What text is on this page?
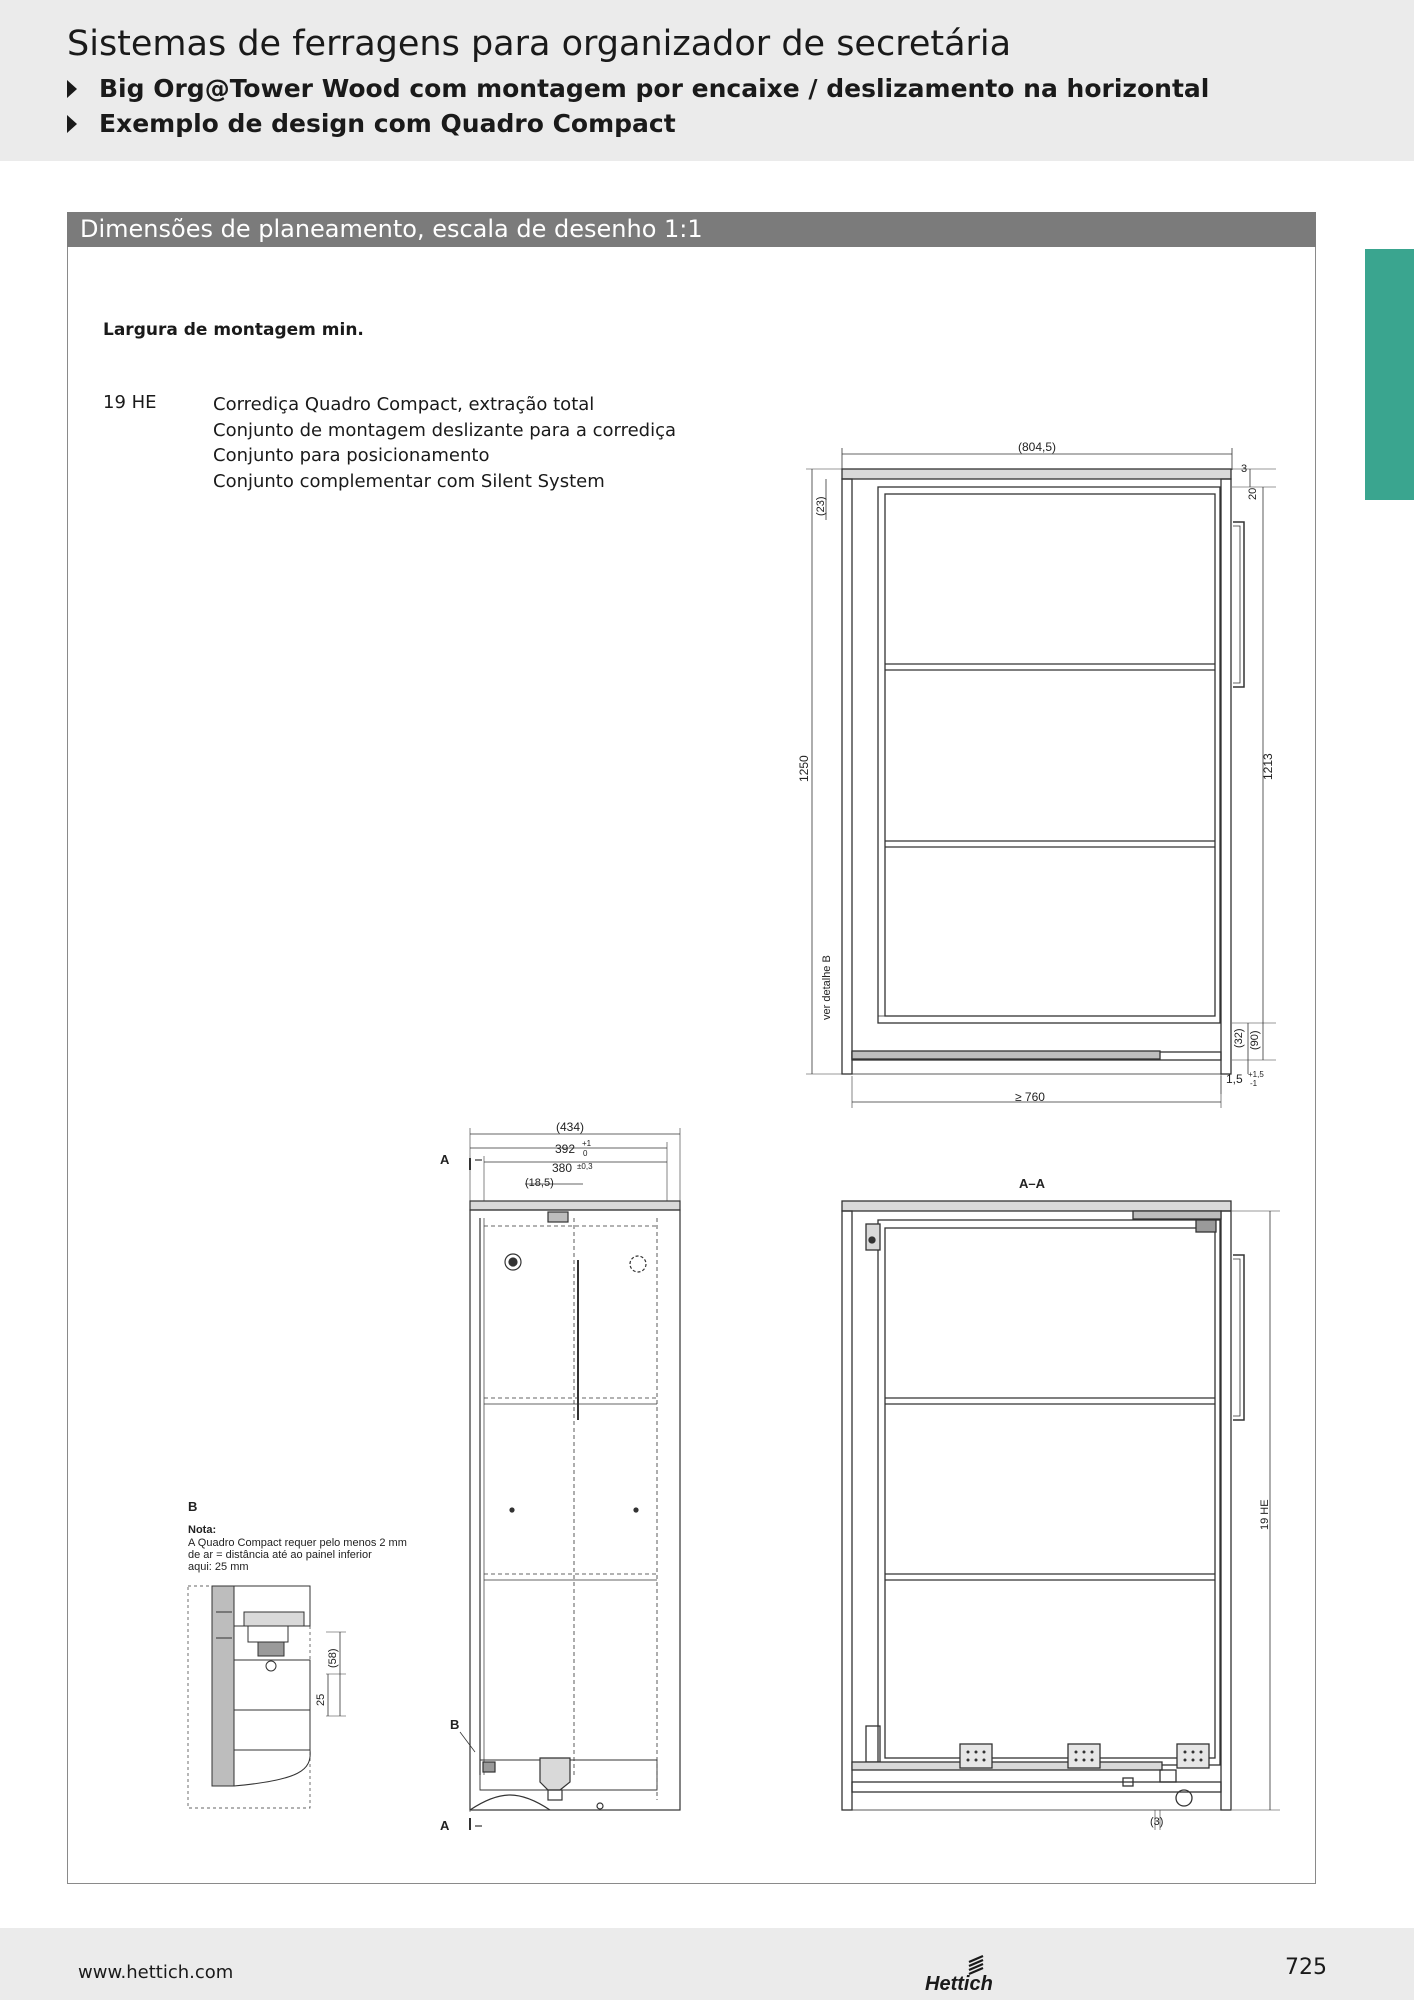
Sistemas de ferragens para organizador de secretária
Big Org@Tower Wood com montagem por encaixe / deslizamento na horizontal
Exemplo de design com Quadro Compact
Dimensões de planeamento, escala de desenho 1:1
Largura de montagem min.
19 HE	Corrediça Quadro Compact, extração total
Conjunto de montagem deslizante para a corrediça
Conjunto para posicionamento
Conjunto complementar com Silent System
(804,5)
3
20
(23)
1250	1213
ver detalhe B
(32) (90)
1,5 +1,5
-1
≥ 760
(434)
392 +1
0
380 ±0,3
(18,5)
A
A
B
B
Nota:
A Quadro Compact requer pelo menos 2 mm
de ar = distância até ao painel inferior
aqui: 25 mm
(58)
25
A–A
19 HE
(3)
www.hettich.com
Hettich
725
